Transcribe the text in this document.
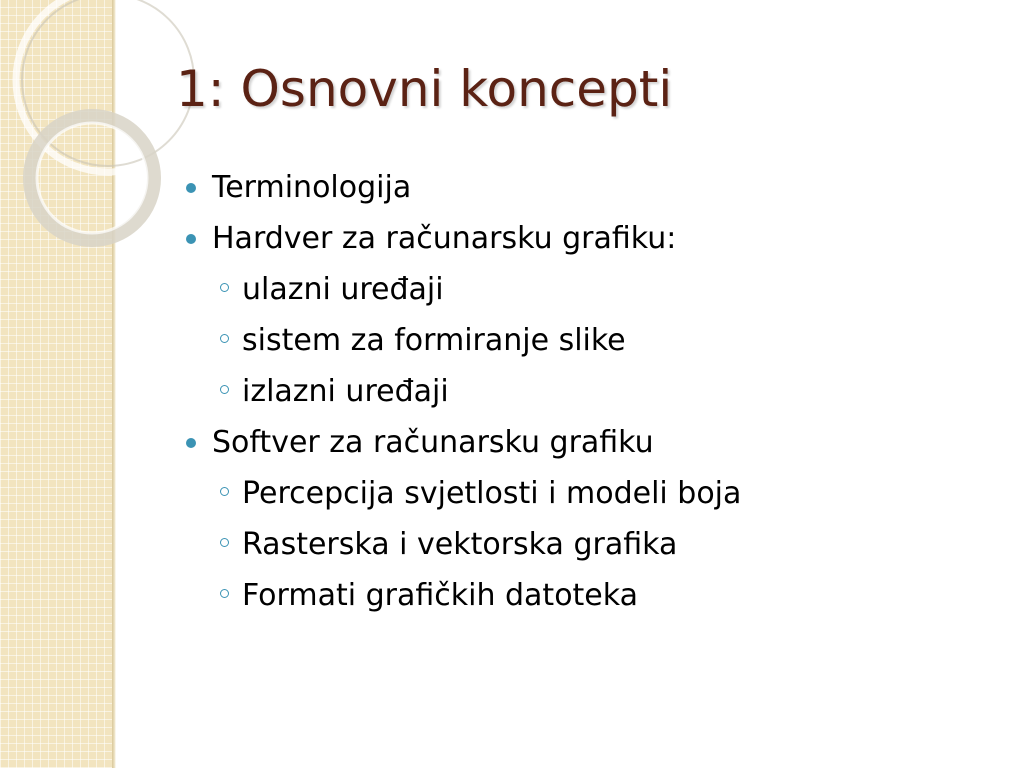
1: Osnovni koncepti
Terminologija
Hardver za računarsku grafiku:
ulazni uređaji
sistem za formiranje slike
izlazni uređaji
Softver za računarsku grafiku
Percepcija svjetlosti i modeli boja
Rasterska i vektorska grafika
Formati grafičkih datoteka
